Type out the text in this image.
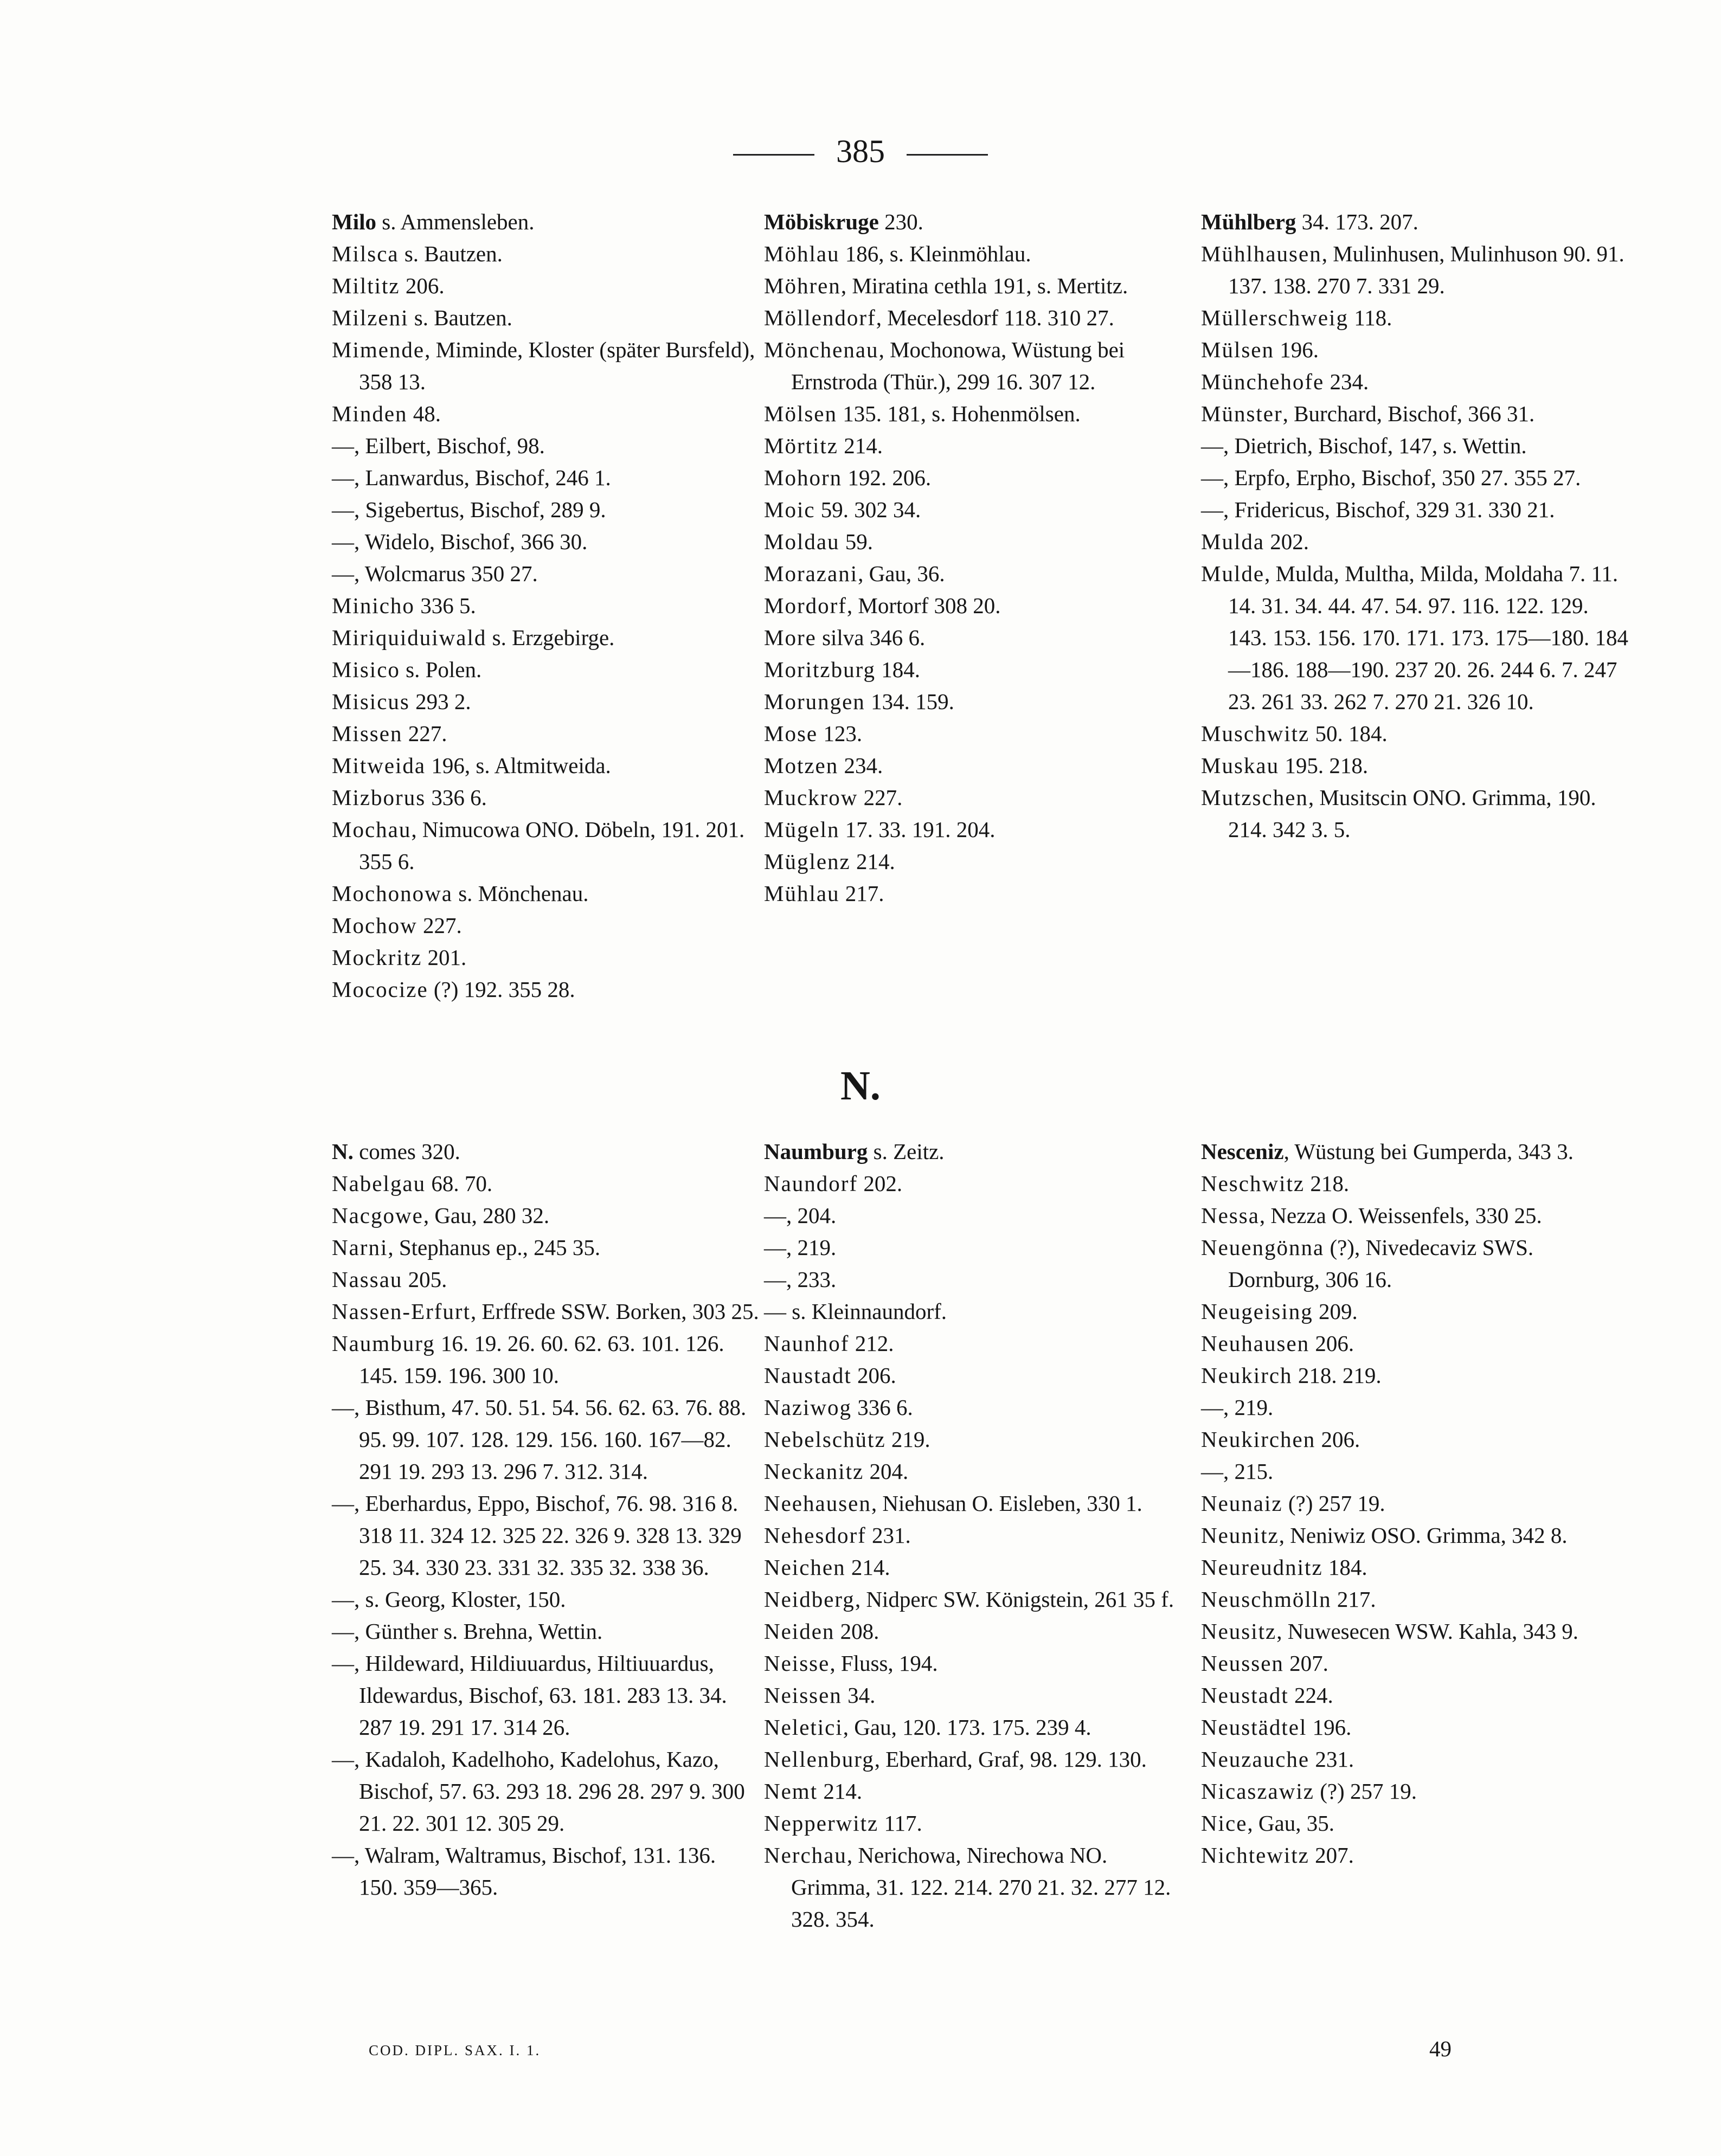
385
Milo s. Ammensleben.
Milsca s. Bautzen.
Miltitz 206.
Milzeni s. Bautzen.
Mimende, Miminde, Kloster (später Bursfeld), 358 13.
Minden 48.
—, Eilbert, Bischof, 98.
—, Lanwardus, Bischof, 246 1.
—, Sigebertus, Bischof, 289 9.
—, Widelo, Bischof, 366 30.
—, Wolcmarus 350 27.
Minicho 336 5.
Miriquiduiwald s. Erzgebirge.
Misico s. Polen.
Misicus 293 2.
Missen 227.
Mitweida 196, s. Altmitweida.
Mizborus 336 6.
Mochau, Nimucowa ONO. Döbeln, 191. 201. 355 6.
Mochonowa s. Mönchenau.
Mochow 227.
Mockritz 201.
Mococize (?) 192. 355 28.
Möbiskruge 230.
Möhlau 186, s. Kleinmöhlau.
Möhren, Miratina cethla 191, s. Mertitz.
Möllendorf, Mecelesdorf 118. 310 27.
Mönchenau, Mochonowa, Wüstung bei Ernstroda (Thür.), 299 16. 307 12.
Mölsen 135. 181, s. Hohenmölsen.
Mörtitz 214.
Mohorn 192. 206.
Moic 59. 302 34.
Moldau 59.
Morazani, Gau, 36.
Mordorf, Mortorf 308 20.
More silva 346 6.
Moritzburg 184.
Morungen 134. 159.
Mose 123.
Motzen 234.
Muckrow 227.
Mügeln 17. 33. 191. 204.
Müglenz 214.
Mühlau 217.
Mühlberg 34. 173. 207.
Mühlhausen, Mulinhusen, Mulinhuson 90. 91. 137. 138. 270 7. 331 29.
Müllerschweig 118.
Mülsen 196.
Münchehofe 234.
Münster, Burchard, Bischof, 366 31.
—, Dietrich, Bischof, 147, s. Wettin.
—, Erpfo, Erpho, Bischof, 350 27. 355 27.
—, Fridericus, Bischof, 329 31. 330 21.
Mulda 202.
Mulde, Mulda, Multha, Milda, Moldaha 7. 11. 14. 31. 34. 44. 47. 54. 97. 116. 122. 129. 143. 153. 156. 170. 171. 173. 175—180. 184—186. 188—190. 237 20. 26. 244 6. 7. 247 23. 261 33. 262 7. 270 21. 326 10.
Muschwitz 50. 184.
Muskau 195. 218.
Mutzschen, Musitscin ONO. Grimma, 190. 214. 342 3. 5.
N.
N. comes 320.
Nabelgau 68. 70.
Nacgowe, Gau, 280 32.
Narni, Stephanus ep., 245 35.
Nassau 205.
Nassen-Erfurt, Erffrede SSW. Borken, 303 25.
Naumburg 16. 19. 26. 60. 62. 63. 101. 126. 145. 159. 196. 300 10.
—, Bisthum, 47. 50. 51. 54. 56. 62. 63. 76. 88. 95. 99. 107. 128. 129. 156. 160. 167—82. 291 19. 293 13. 296 7. 312. 314.
—, Eberhardus, Eppo, Bischof, 76. 98. 316 8. 318 11. 324 12. 325 22. 326 9. 328 13. 329 25. 34. 330 23. 331 32. 335 32. 338 36.
—, s. Georg, Kloster, 150.
—, Günther s. Brehna, Wettin.
—, Hildeward, Hildiuuardus, Hiltiuuardus, Ildewardus, Bischof, 63. 181. 283 13. 34. 287 19. 291 17. 314 26.
—, Kadaloh, Kadelhoho, Kadelohus, Kazo, Bischof, 57. 63. 293 18. 296 28. 297 9. 300 21. 22. 301 12. 305 29.
—, Walram, Waltramus, Bischof, 131. 136. 150. 359—365.
Naumburg s. Zeitz.
Naundorf 202.
—, 204.
—, 219.
—, 233.
— s. Kleinnaundorf.
Naunhof 212.
Naustadt 206.
Naziwog 336 6.
Nebelschütz 219.
Neckanitz 204.
Neehausen, Niehusan O. Eisleben, 330 1.
Nehesdorf 231.
Neichen 214.
Neidberg, Nidperc SW. Königstein, 261 35 f.
Neiden 208.
Neisse, Fluss, 194.
Neissen 34.
Neletici, Gau, 120. 173. 175. 239 4.
Nellenburg, Eberhard, Graf, 98. 129. 130.
Nemt 214.
Nepperwitz 117.
Nerchau, Nerichowa, Nirechowa NO. Grimma, 31. 122. 214. 270 21. 32. 277 12. 328. 354.
Nesceniz, Wüstung bei Gumperda, 343 3.
Neschwitz 218.
Nessa, Nezza O. Weissenfels, 330 25.
Neuengönna (?), Nivedecaviz SWS. Dornburg, 306 16.
Neugeising 209.
Neuhausen 206.
Neukirch 218. 219.
—, 219.
Neukirchen 206.
—, 215.
Neunaiz (?) 257 19.
Neunitz, Neniwiz OSO. Grimma, 342 8.
Neureudnitz 184.
Neuschmölln 217.
Neusitz, Nuwesecen WSW. Kahla, 343 9.
Neussen 207.
Neustadt 224.
Neustädtel 196.
Neuzauche 231.
Nicaszawiz (?) 257 19.
Nice, Gau, 35.
Nichtewitz 207.
COD. DIPL. SAX. I. 1.	49
